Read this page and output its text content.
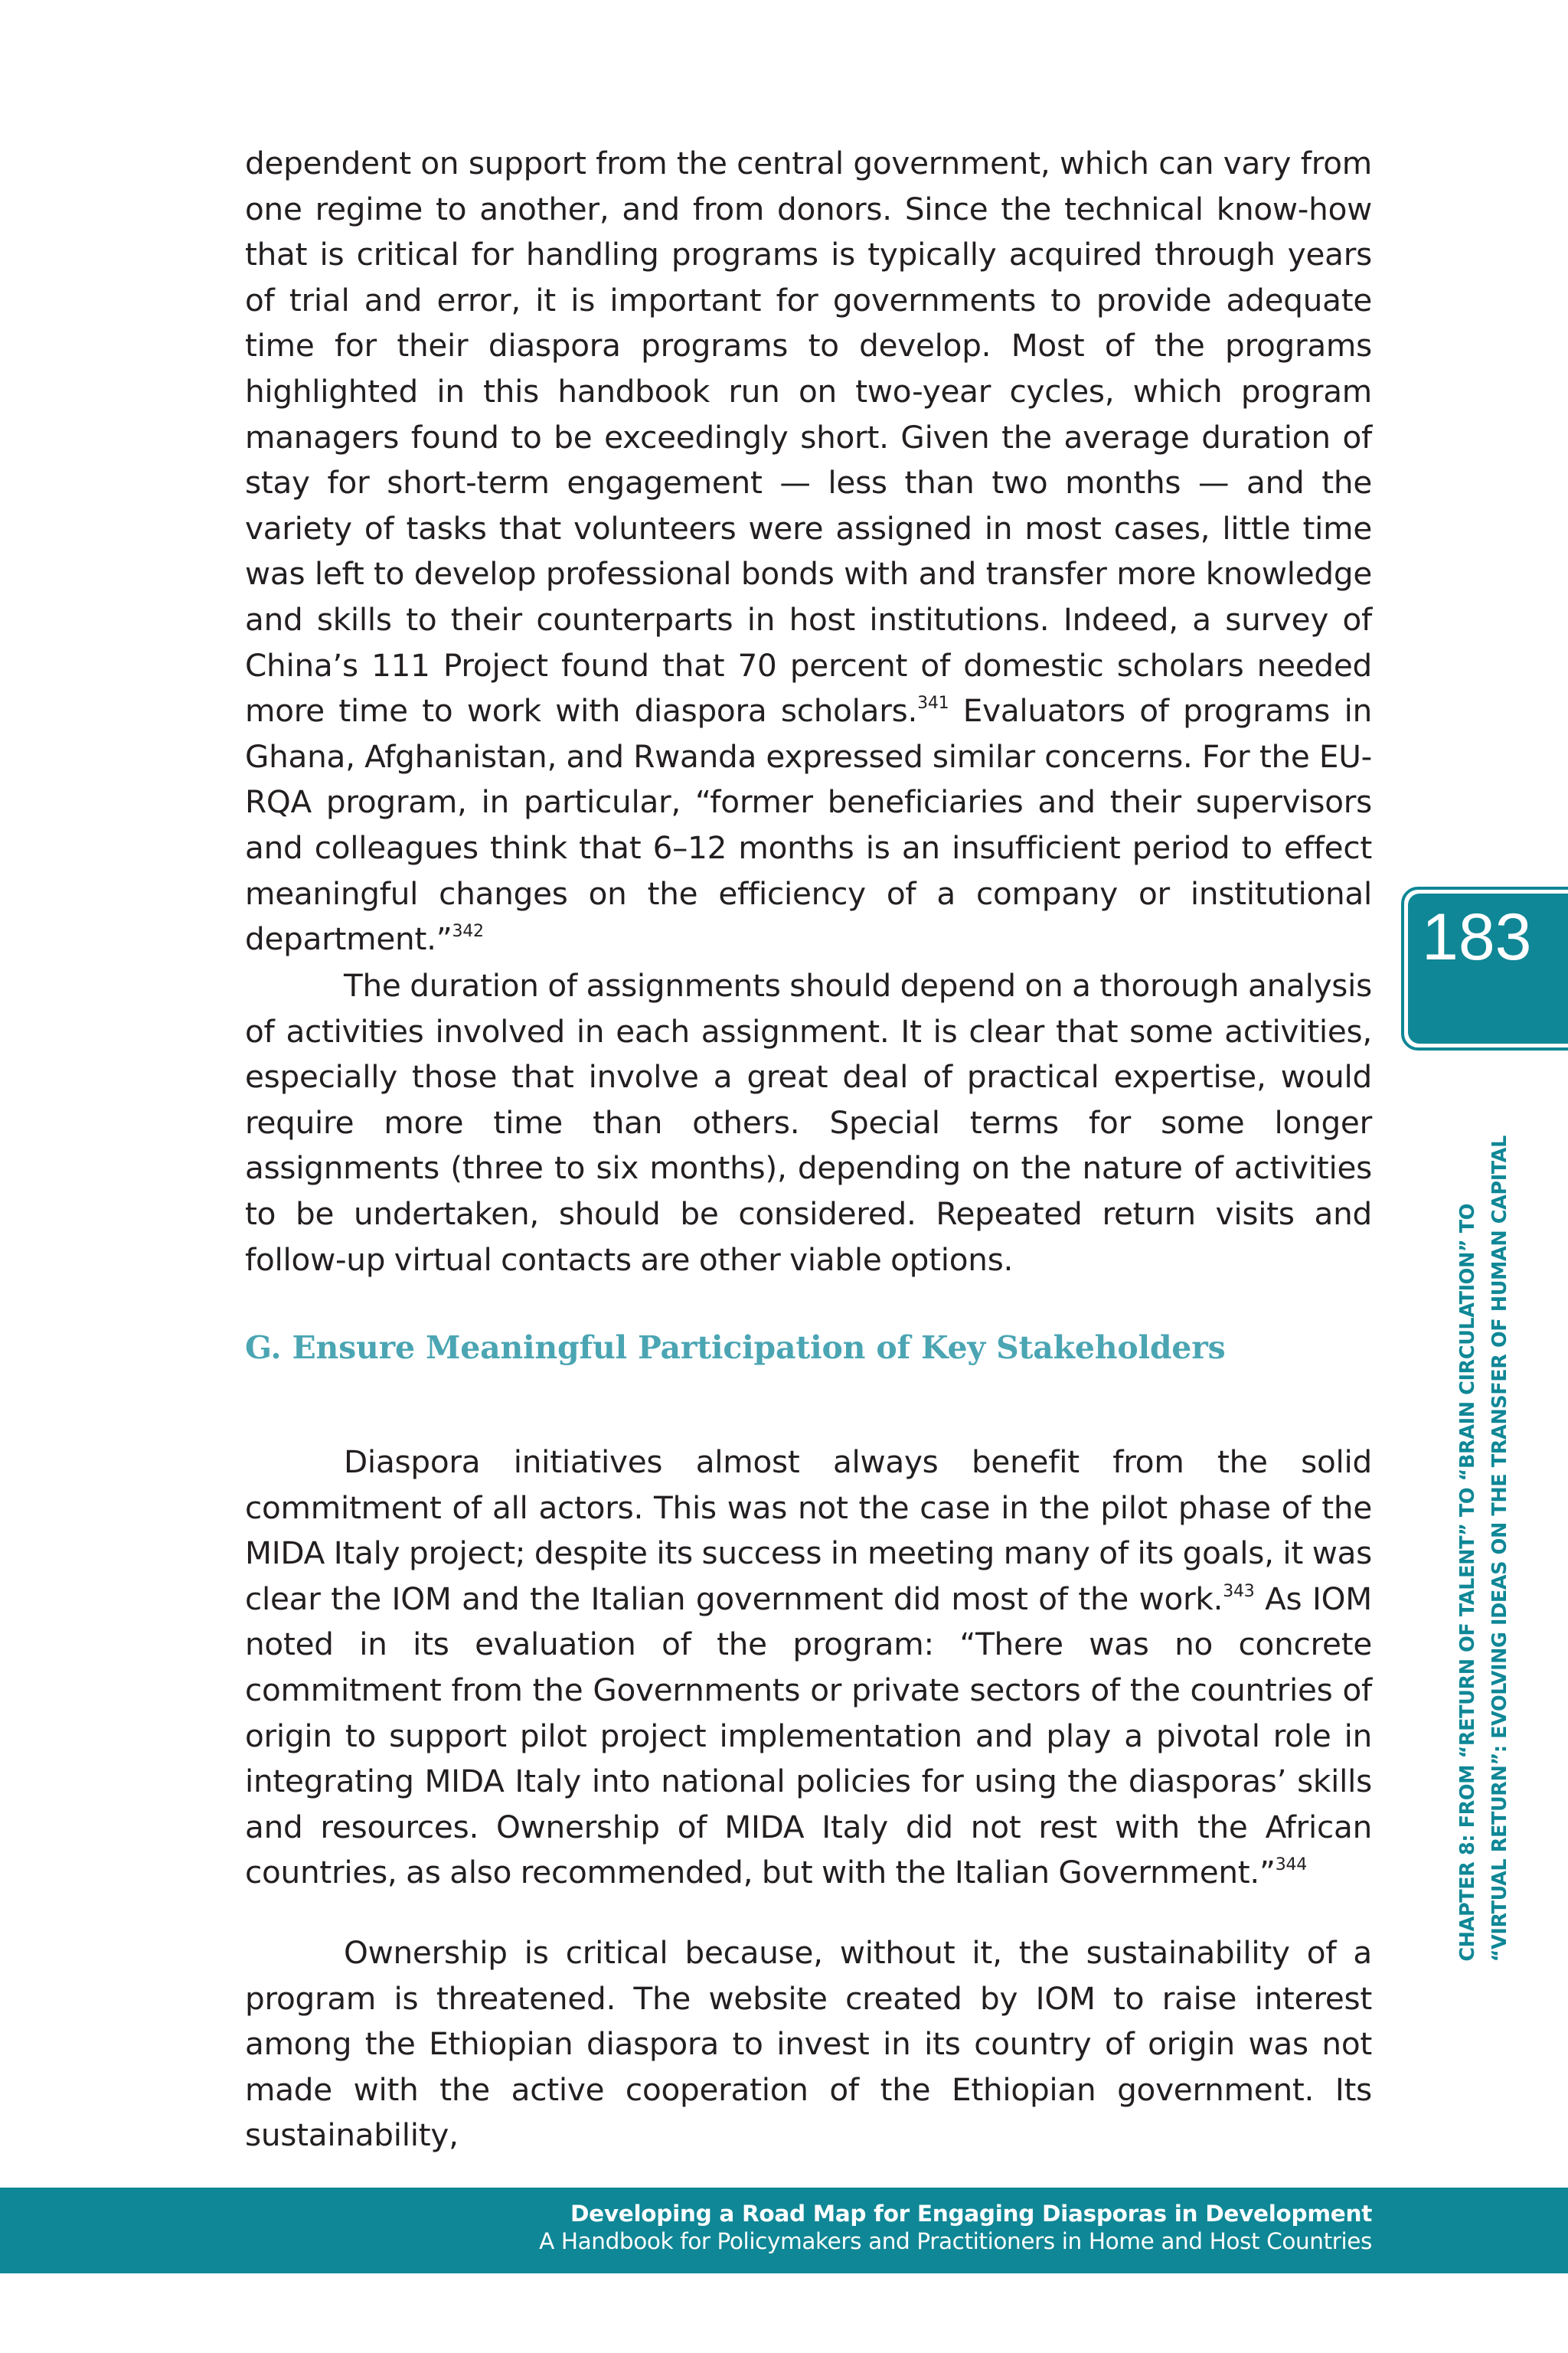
dependent on support from the central government, which can vary from one regime to another, and from donors. Since the technical know-how that is critical for handling programs is typically acquired through years of trial and error, it is important for governments to provide adequate time for their diaspora programs to develop. Most of the programs highlighted in this handbook run on two-year cycles, which program managers found to be exceedingly short. Given the average duration of stay for short-term engagement — less than two months — and the variety of tasks that volunteers were assigned in most cases, little time was left to develop professional bonds with and transfer more knowledge and skills to their counterparts in host institutions. Indeed, a survey of China’s 111 Project found that 70 percent of domestic scholars needed more time to work with diaspora scholars.$^{341}$ Evaluators of programs in Ghana, Afghanistan, and Rwanda expressed similar concerns. For the EU-RQA program, in particular, “former beneficiaries and their supervisors and colleagues think that 6–12 months is an insufficient period to effect meaningful changes on the efficiency of a company or institutional department.”$^{342}$
The duration of assignments should depend on a thorough analysis of activities involved in each assignment. It is clear that some activities, especially those that involve a great deal of practical expertise, would require more time than others. Special terms for some longer assignments (three to six months), depending on the nature of activities to be undertaken, should be considered. Repeated return visits and follow-up virtual contacts are other viable options.
G. Ensure Meaningful Participation of Key Stakeholders
Diaspora initiatives almost always benefit from the solid commitment of all actors. This was not the case in the pilot phase of the MIDA Italy project; despite its success in meeting many of its goals, it was clear the IOM and the Italian government did most of the work.$^{343}$ As IOM noted in its evaluation of the program: “There was no concrete commitment from the Governments or private sectors of the countries of origin to support pilot project implementation and play a pivotal role in integrating MIDA Italy into national policies for using the diasporas’ skills and resources. Ownership of MIDA Italy did not rest with the African countries, as also recommended, but with the Italian Government.”$^{344}$
Ownership is critical because, without it, the sustainability of a program is threatened. The website created by IOM to raise interest among the Ethiopian diaspora to invest in its country of origin was not made with the active cooperation of the Ethiopian government. Its sustainability,
183
CHAPTER 8: FROM “RETURN OF TALENT” TO “BRAIN CIRCULATION” TO “VIRTUAL RETURN”: EVOLVING IDEAS ON THE TRANSFER OF HUMAN CAPITAL

Developing a Road Map for Engaging Diasporas in Development

A Handbook for Policymakers and Practitioners in Home and Host Countries
